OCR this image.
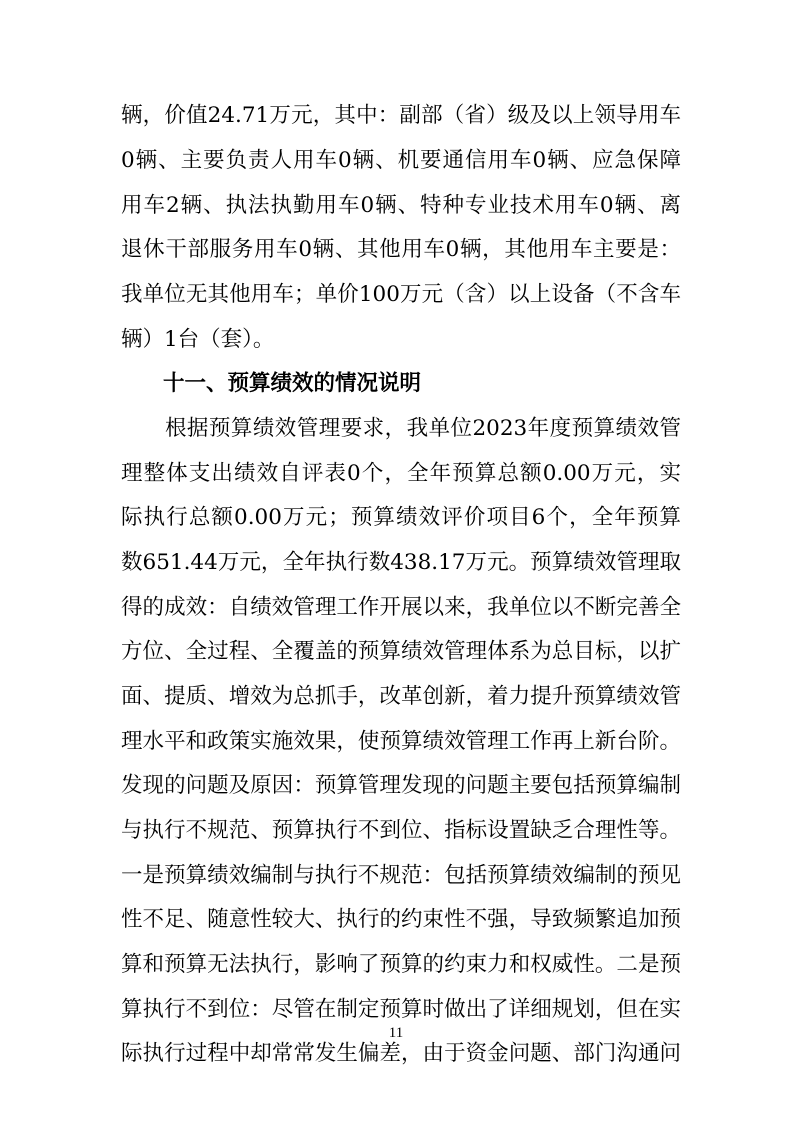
辆，价值24.71万元，其中：副部（省）级及以上领导用车
0辆、主要负责人用车0辆、机要通信用车0辆、应急保障
用车2辆、执法执勤用车0辆、特种专业技术用车0辆、离
退休干部服务用车0辆、其他用车0辆，其他用车主要是：
我单位无其他用车；单价100万元（含）以上设备（不含车
辆）1台（套）。
十一、预算绩效的情况说明
　　根据预算绩效管理要求，我单位2023年度预算绩效管
理整体支出绩效自评表0个，全年预算总额0.00万元，实
际执行总额0.00万元；预算绩效评价项目6个，全年预算
数651.44万元，全年执行数438.17万元。预算绩效管理取
得的成效：自绩效管理工作开展以来，我单位以不断完善全
方位、全过程、全覆盖的预算绩效管理体系为总目标，以扩
面、提质、增效为总抓手，改革创新，着力提升预算绩效管
理水平和政策实施效果，使预算绩效管理工作再上新台阶。
发现的问题及原因：预算管理发现的问题主要包括预算编制
与执行不规范、预算执行不到位、指标设置缺乏合理性等。
一是预算绩效编制与执行不规范：包括预算绩效编制的预见
性不足、随意性较大、执行的约束性不强，导致频繁追加预
算和预算无法执行，影响了预算的约束力和权威性。二是预
算执行不到位：尽管在制定预算时做出了详细规划，但在实
际执行过程中却常常发生偏差，由于资金问题、部门沟通问
11
